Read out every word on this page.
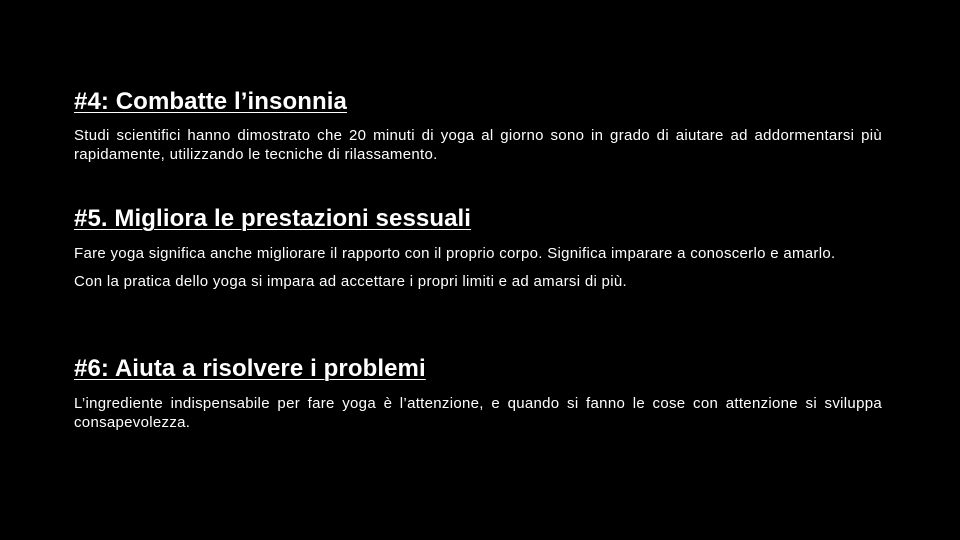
#4: Combatte l’insonnia

Studi scientifici hanno dimostrato che 20 minuti di yoga al giorno sono in grado di aiutare ad addormentarsi più rapidamente, utilizzando le tecniche di rilassamento.

#5. Migliora le prestazioni sessuali

Fare yoga significa anche migliorare il rapporto con il proprio corpo. Significa imparare a conoscerlo e amarlo.

Con la pratica dello yoga si impara ad accettare i propri limiti e ad amarsi di più.

#6: Aiuta a risolvere i problemi

L’ingrediente indispensabile per fare yoga è l’attenzione, e quando si fanno le cose con attenzione si sviluppa consapevolezza.
